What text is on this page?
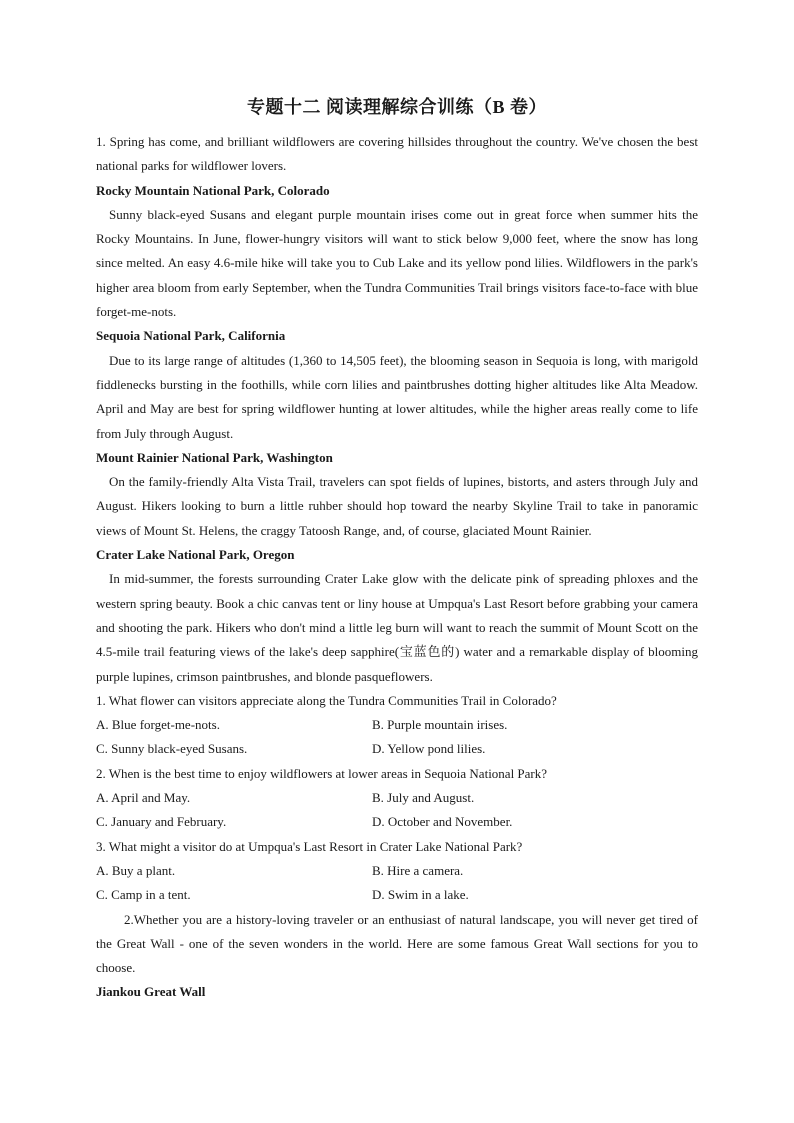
专题十二 阅读理解综合训练（B 卷）

1. Spring has come, and brilliant wildflowers are covering hillsides throughout the country. We've chosen the best national parks for wildflower lovers.

Rocky Mountain National Park, Colorado

Sunny black-eyed Susans and elegant purple mountain irises come out in great force when summer hits the Rocky Mountains. In June, flower-hungry visitors will want to stick below 9,000 feet, where the snow has long since melted. An easy 4.6-mile hike will take you to Cub Lake and its yellow pond lilies. Wildflowers in the park's higher area bloom from early September, when the Tundra Communities Trail brings visitors face-to-face with blue forget-me-nots.

Sequoia National Park, California

Due to its large range of altitudes (1,360 to 14,505 feet), the blooming season in Sequoia is long, with marigold fiddlenecks bursting in the foothills, while corn lilies and paintbrushes dotting higher altitudes like Alta Meadow. April and May are best for spring wildflower hunting at lower altitudes, while the higher areas really come to life from July through August.

Mount Rainier National Park, Washington

On the family-friendly Alta Vista Trail, travelers can spot fields of lupines, bistorts, and asters through July and August. Hikers looking to burn a little ruhber should hop toward the nearby Skyline Trail to take in panoramic views of Mount St. Helens, the craggy Tatoosh Range, and, of course, glaciated Mount Rainier.

Crater Lake National Park, Oregon

In mid-summer, the forests surrounding Crater Lake glow with the delicate pink of spreading phloxes and the western spring beauty. Book a chic canvas tent or liny house at Umpqua's Last Resort before grabbing your camera and shooting the park. Hikers who don't mind a little leg burn will want to reach the summit of Mount Scott on the 4.5-mile trail featuring views of the lake's deep sapphire(宝蓝色的) water and a remarkable display of blooming purple lupines, crimson paintbrushes, and blonde pasqueflowers.

1. What flower can visitors appreciate along the Tundra Communities Trail in Colorado?

A. Blue forget-me-nots.	B. Purple mountain irises.
C. Sunny black-eyed Susans.	D. Yellow pond lilies.

2. When is the best time to enjoy wildflowers at lower areas in Sequoia National Park?

A. April and May.	B. July and August.
C. January and February.	D. October and November.

3. What might a visitor do at Umpqua's Last Resort in Crater Lake National Park?

A. Buy a plant.	B. Hire a camera.
C. Camp in a tent.	D. Swim in a lake.

2.Whether you are a history-loving traveler or an enthusiast of natural landscape, you will never get tired of the Great Wall - one of the seven wonders in the world. Here are some famous Great Wall sections for you to choose.

Jiankou Great Wall
